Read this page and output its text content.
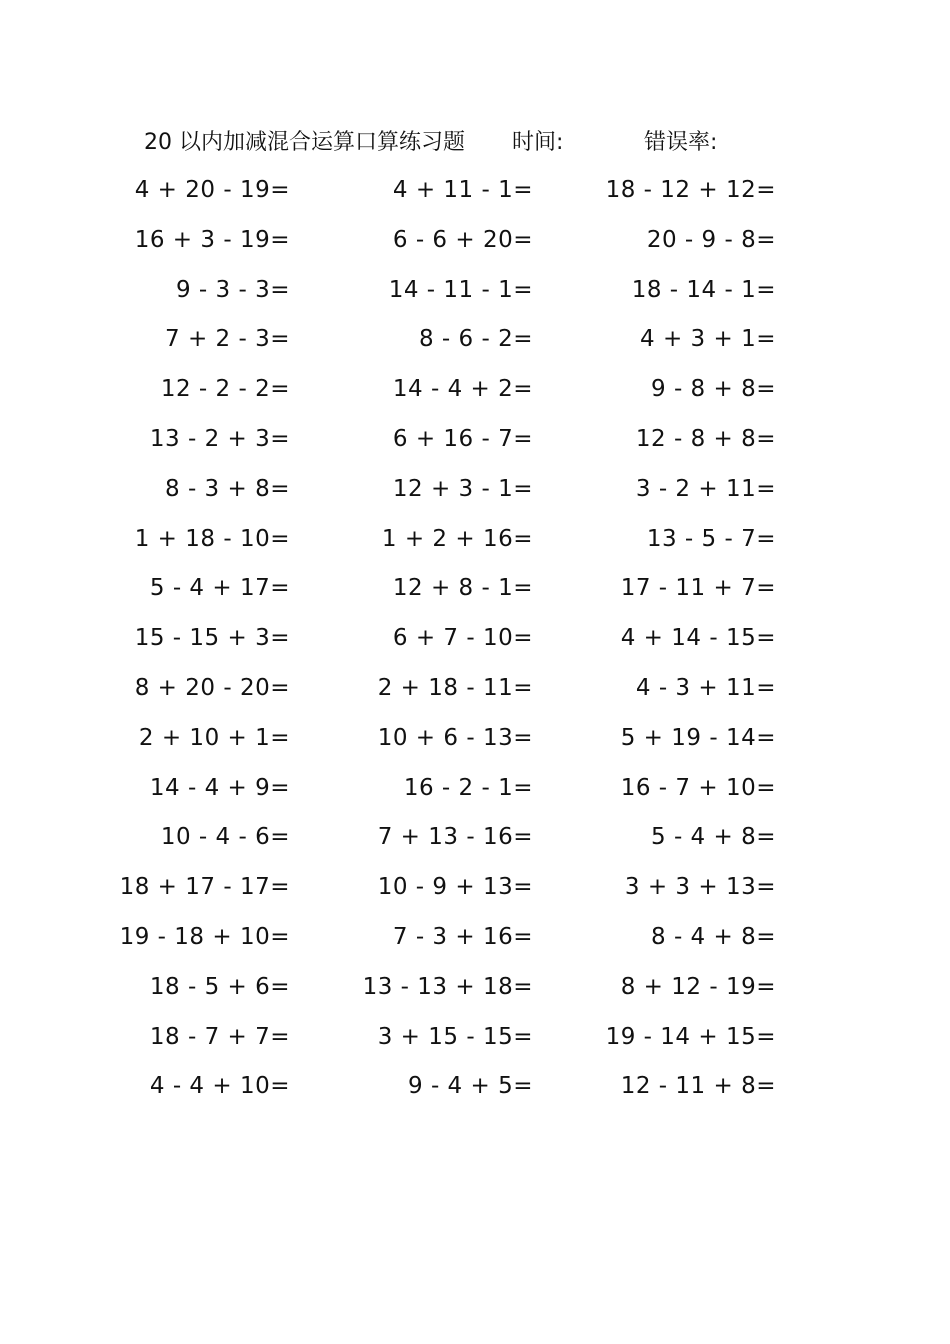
20 以内加减混合运算口算练习题 时间:	错误率:
4 + 20 - 19=
16 + 3 - 19=
9 - 3 - 3=
7 + 2 - 3=
12 - 2 - 2=
13 - 2 + 3=
8 - 3 + 8=
1 + 18 - 10=
5 - 4 + 17=
15 - 15 + 3=
8 + 20 - 20=
2 + 10 + 1=
14 - 4 + 9=
10 - 4 - 6=
18 + 17 - 17=
19 - 18 + 10=
18 - 5 + 6=
18 - 7 + 7=
4 - 4 + 10=
4 + 11 - 1=
6 - 6 + 20=
14 - 11 - 1=
8 - 6 - 2=
14 - 4 + 2=
6 + 16 - 7=
12 + 3 - 1=
1 + 2 + 16=
12 + 8 - 1=
6 + 7 - 10=
2 + 18 - 11=
10 + 6 - 13=
16 - 2 - 1=
7 + 13 - 16=
10 - 9 + 13=
7 - 3 + 16=
13 - 13 + 18=
3 + 15 - 15=
9 - 4 + 5=
18 - 12 + 12=
20 - 9 - 8=
18 - 14 - 1=
4 + 3 + 1=
9 - 8 + 8=
12 - 8 + 8=
3 - 2 + 11=
13 - 5 - 7=
17 - 11 + 7=
4 + 14 - 15=
4 - 3 + 11=
5 + 19 - 14=
16 - 7 + 10=
5 - 4 + 8=
3 + 3 + 13=
8 - 4 + 8=
8 + 12 - 19=
19 - 14 + 15=
12 - 11 + 8=
